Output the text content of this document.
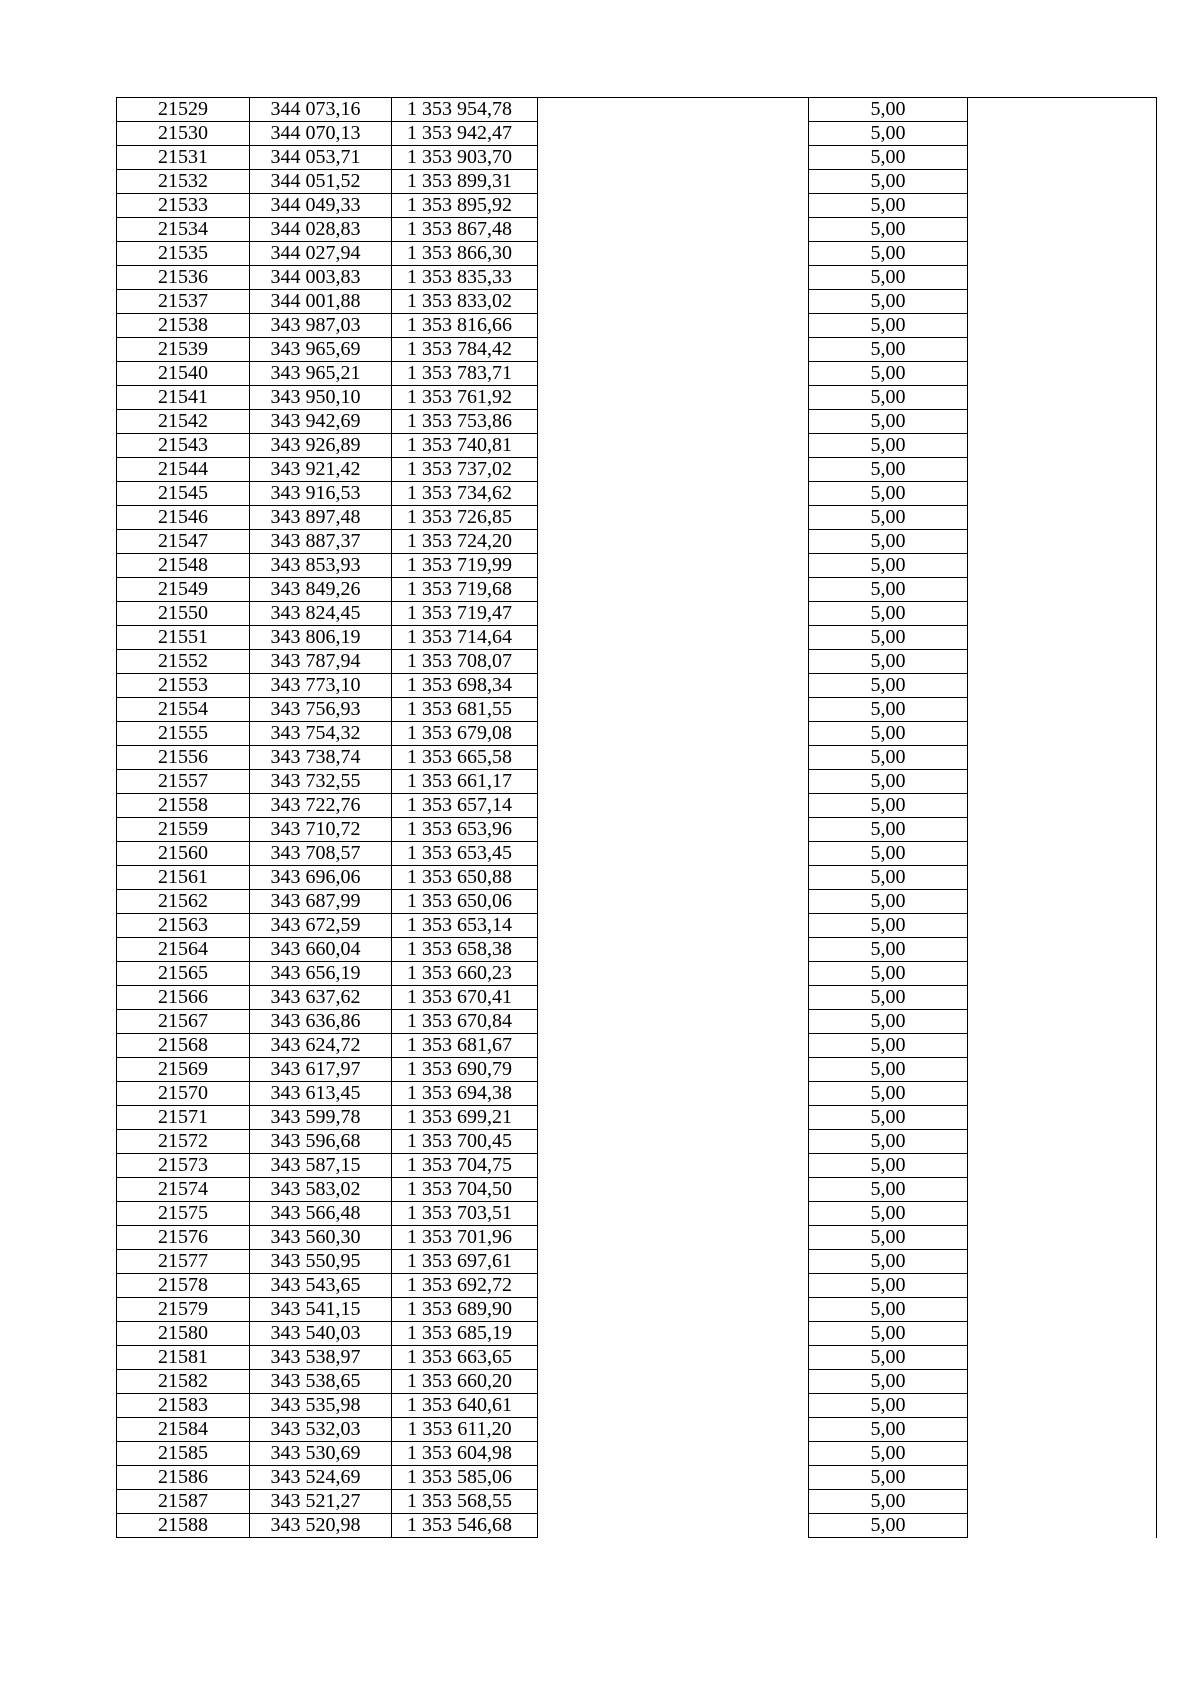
21529	344 073,16	1 353 954,78		5,00	
21530	344 070,13	1 353 942,47		5,00	
21531	344 053,71	1 353 903,70		5,00	
21532	344 051,52	1 353 899,31		5,00	
21533	344 049,33	1 353 895,92		5,00	
21534	344 028,83	1 353 867,48		5,00	
21535	344 027,94	1 353 866,30		5,00	
21536	344 003,83	1 353 835,33		5,00	
21537	344 001,88	1 353 833,02		5,00	
21538	343 987,03	1 353 816,66		5,00	
21539	343 965,69	1 353 784,42		5,00	
21540	343 965,21	1 353 783,71		5,00	
21541	343 950,10	1 353 761,92		5,00	
21542	343 942,69	1 353 753,86		5,00	
21543	343 926,89	1 353 740,81		5,00	
21544	343 921,42	1 353 737,02		5,00	
21545	343 916,53	1 353 734,62		5,00	
21546	343 897,48	1 353 726,85		5,00	
21547	343 887,37	1 353 724,20		5,00	
21548	343 853,93	1 353 719,99		5,00	
21549	343 849,26	1 353 719,68		5,00	
21550	343 824,45	1 353 719,47		5,00	
21551	343 806,19	1 353 714,64		5,00	
21552	343 787,94	1 353 708,07		5,00	
21553	343 773,10	1 353 698,34		5,00	
21554	343 756,93	1 353 681,55		5,00	
21555	343 754,32	1 353 679,08		5,00	
21556	343 738,74	1 353 665,58		5,00	
21557	343 732,55	1 353 661,17		5,00	
21558	343 722,76	1 353 657,14		5,00	
21559	343 710,72	1 353 653,96		5,00	
21560	343 708,57	1 353 653,45		5,00	
21561	343 696,06	1 353 650,88		5,00	
21562	343 687,99	1 353 650,06		5,00	
21563	343 672,59	1 353 653,14		5,00	
21564	343 660,04	1 353 658,38		5,00	
21565	343 656,19	1 353 660,23		5,00	
21566	343 637,62	1 353 670,41		5,00	
21567	343 636,86	1 353 670,84		5,00	
21568	343 624,72	1 353 681,67		5,00	
21569	343 617,97	1 353 690,79		5,00	
21570	343 613,45	1 353 694,38		5,00	
21571	343 599,78	1 353 699,21		5,00	
21572	343 596,68	1 353 700,45		5,00	
21573	343 587,15	1 353 704,75		5,00	
21574	343 583,02	1 353 704,50		5,00	
21575	343 566,48	1 353 703,51		5,00	
21576	343 560,30	1 353 701,96		5,00	
21577	343 550,95	1 353 697,61		5,00	
21578	343 543,65	1 353 692,72		5,00	
21579	343 541,15	1 353 689,90		5,00	
21580	343 540,03	1 353 685,19		5,00	
21581	343 538,97	1 353 663,65		5,00	
21582	343 538,65	1 353 660,20		5,00	
21583	343 535,98	1 353 640,61		5,00	
21584	343 532,03	1 353 611,20		5,00	
21585	343 530,69	1 353 604,98		5,00	
21586	343 524,69	1 353 585,06		5,00	
21587	343 521,27	1 353 568,55		5,00	
21588	343 520,98	1 353 546,68		5,00	
